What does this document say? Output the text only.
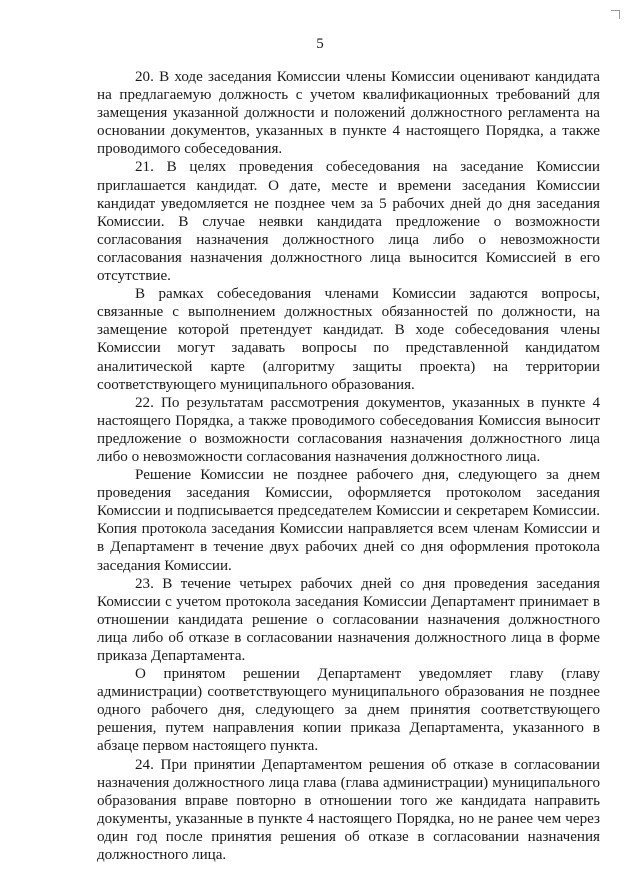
5

20. В ходе заседания Комиссии члены Комиссии оценивают кандидата на предлагаемую должность с учетом квалификационных требований для замещения указанной должности и положений должностного регламента на основании документов, указанных в пункте 4 настоящего Порядка, а также проводимого собеседования.

21. В целях проведения собеседования на заседание Комиссии приглашается кандидат. О дате, месте и времени заседания Комиссии кандидат уведомляется не позднее чем за 5 рабочих дней до дня заседания Комиссии. В случае неявки кандидата предложение о возможности согласования назначения должностного лица либо о невозможности согласования назначения должностного лица выносится Комиссией в его отсутствие.

В рамках собеседования членами Комиссии задаются вопросы, связанные с выполнением должностных обязанностей по должности, на замещение которой претендует кандидат. В ходе собеседования члены Комиссии могут задавать вопросы по представленной кандидатом аналитической карте (алгоритму защиты проекта) на территории соответствующего муниципального образования.

22. По результатам рассмотрения документов, указанных в пункте 4 настоящего Порядка, а также проводимого собеседования Комиссия выносит предложение о возможности согласования назначения должностного лица либо о невозможности согласования назначения должностного лица.

Решение Комиссии не позднее рабочего дня, следующего за днем проведения заседания Комиссии, оформляется протоколом заседания Комиссии и подписывается председателем Комиссии и секретарем Комиссии. Копия протокола заседания Комиссии направляется всем членам Комиссии и в Департамент в течение двух рабочих дней со дня оформления протокола заседания Комиссии.

23. В течение четырех рабочих дней со дня проведения заседания Комиссии с учетом протокола заседания Комиссии Департамент принимает в отношении кандидата решение о согласовании назначения должностного лица либо об отказе в согласовании назначения должностного лица в форме приказа Департамента.

О принятом решении Департамент уведомляет главу (главу администрации) соответствующего муниципального образования не позднее одного рабочего дня, следующего за днем принятия соответствующего решения, путем направления копии приказа Департамента, указанного в абзаце первом настоящего пункта.

24. При принятии Департаментом решения об отказе в согласовании назначения должностного лица глава (глава администрации) муниципального образования вправе повторно в отношении того же кандидата направить документы, указанные в пункте 4 настоящего Порядка, но не ранее чем через один год после принятия решения об отказе в согласовании назначения должностного лица.
